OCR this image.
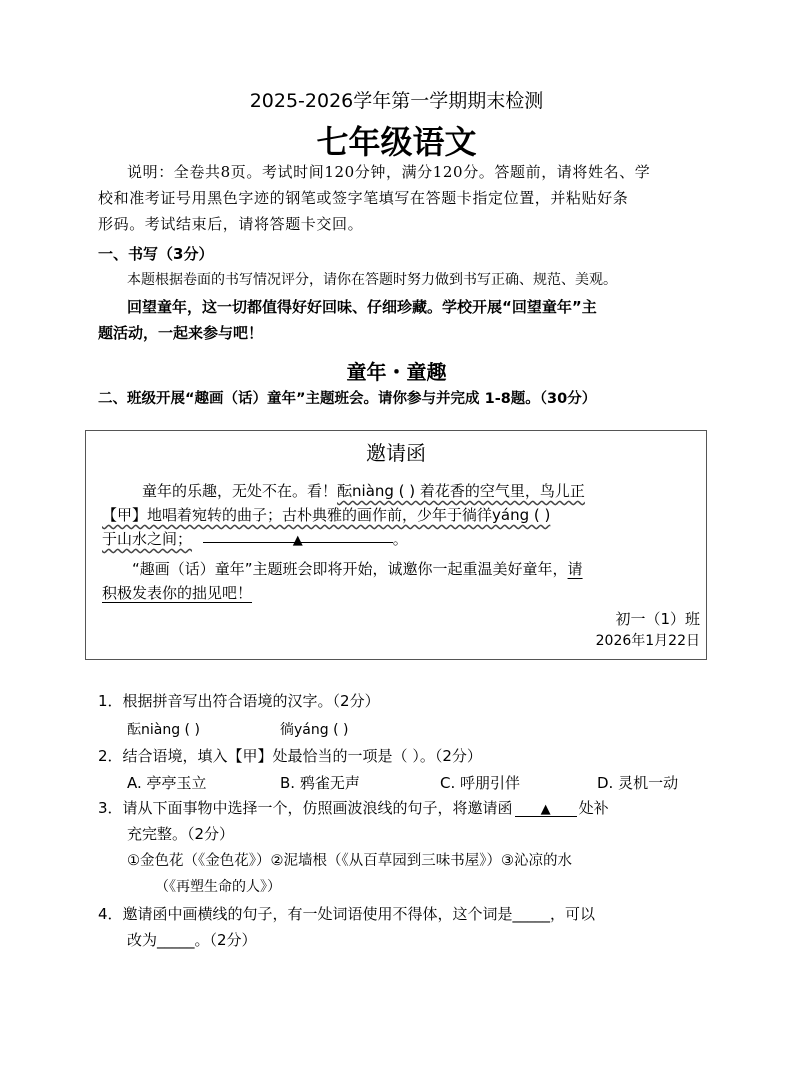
2025-2026学年第一学期期末检测
七年级语文
说明：全卷共8页。考试时间120分钟，满分120分。答题前，请将姓名、学
校和准考证号用黑色字迹的钢笔或签字笔填写在答题卡指定位置，并粘贴好条
形码。考试结束后，请将答题卡交回。
一、书写（3分）
本题根据卷面的书写情况评分，请你在答题时努力做到书写正确、规范、美观。
回望童年，这一切都值得好好回味、仔细珍藏。学校开展“回望童年”主
题活动，一起来参与吧！
童年・童趣
二、班级开展“趣画（话）童年”主题班会。请你参与并完成 1-8题。（30分）
邀请函
童年的乐趣，无处不在。看！酝niàng ( ) 着花香的空气里，鸟儿正
【甲】地唱着宛转的曲子；古朴典雅的画作前，少年于徜徉yáng ( )
于山水之间；	▲	。
“趣画（话）童年”主题班会即将开始，诚邀你一起重温美好童年，请
积极发表你的拙见吧！
初一（1）班
2026年1月22日
1．根据拼音写出符合语境的汉字。（2分）
酝niàng ( )	徜yáng ( )
2．结合语境，填入【甲】处最恰当的一项是（ ）。（2分）
A. 亭亭玉立	B. 鸦雀无声	C. 呼朋引伴	D. 灵机一动
3．请从下面事物中选择一个，仿照画波浪线的句子，将邀请函 ▲ 处补
充完整。（2分）
①金色花（《金色花》）②泥墙根（《从百草园到三味书屋》）③沁凉的水
（《再塑生命的人》）
4．邀请函中画横线的句子，有一处词语使用不得体，这个词是_____，可以
改为_____。（2分）
